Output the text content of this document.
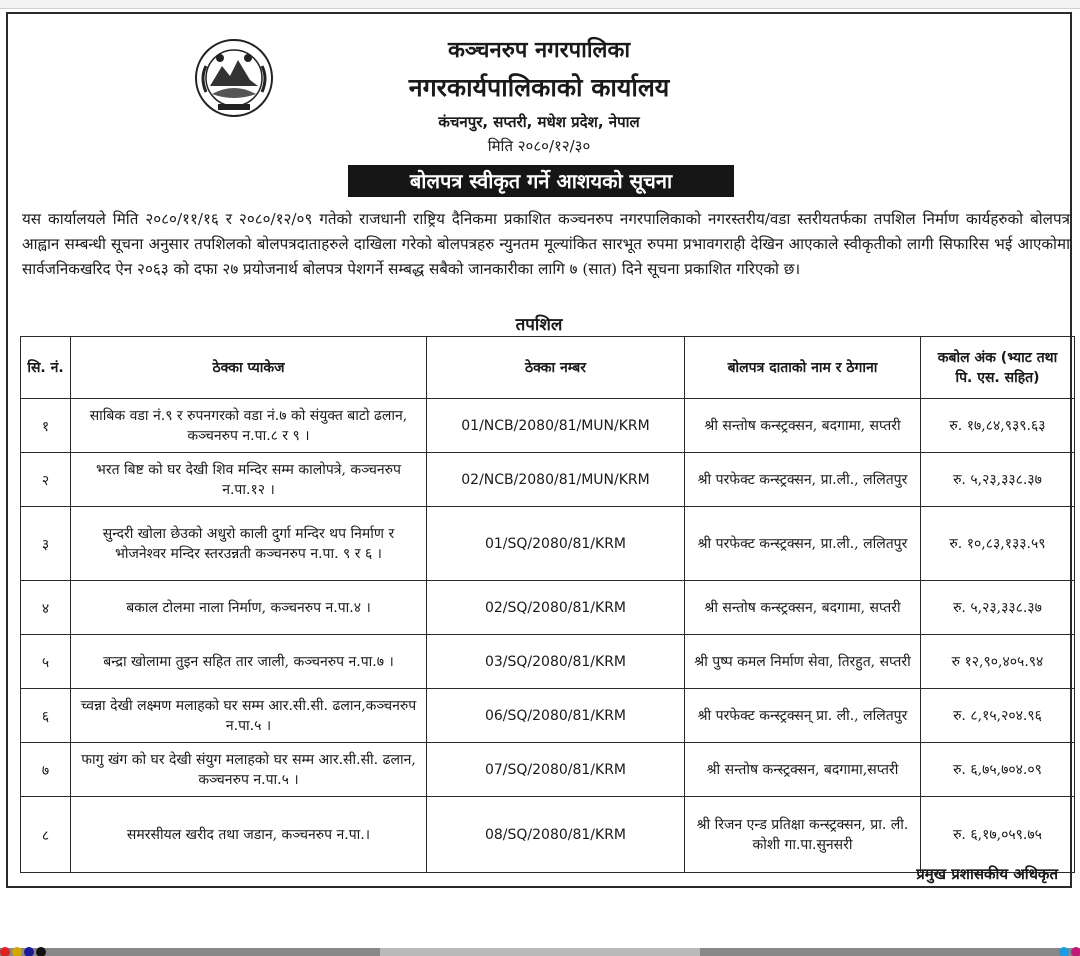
कञ्चनरुप नगरपालिका
नगरकार्यपालिकाको कार्यालय
कंचनपुर, सप्तरी, मधेश प्रदेश, नेपाल
मिति २०८०/१२/३०
बोलपत्र स्वीकृत गर्ने आशयको सूचना
यस कार्यालयले मिति २०८०/११/१६ र २०८०/१२/०९ गतेको राजधानी राष्ट्रिय दैनिकमा प्रकाशित कञ्चनरुप नगरपालिकाको नगरस्तरीय/वडा स्तरीयतर्फका तपशिल निर्माण कार्यहरुको बोलपत्र आह्वान सम्बन्धी सूचना अनुसार तपशिलको बोलपत्रदाताहरुले दाखिला गरेको बोलपत्रहरु न्युनतम मूल्यांकित सारभूत रुपमा प्रभावगराही देखिन आएकाले स्वीकृतीको लागी सिफारिस भई आएकोमा सार्वजनिकखरिद ऐन २०६३ को दफा २७ प्रयोजनार्थ बोलपत्र पेशगर्ने सम्बद्ध सबैको जानकारीका लागि ७ (सात) दिने सूचना प्रकाशित गरिएको छ।
तपशिल
सि. नं.	ठेक्का प्याकेज	ठेक्का नम्बर	बोलपत्र दाताको नाम र ठेगाना	कबोल अंक (भ्याट तथा पि. एस. सहित)
१	साबिक वडा नं.९ र रुपनगरको वडा नं.७ को संयुक्त बाटो ढलान, कञ्चनरुप न.पा.८ र ९ ।	01/NCB/2080/81/MUN/KRM	श्री सन्तोष कन्स्ट्रक्सन, बदगामा, सप्तरी	रु. १७,८४,९३९.६३
२	भरत बिष्ट को घर देखी शिव मन्दिर सम्म कालोपत्रे, कञ्चनरुप न.पा.१२ ।	02/NCB/2080/81/MUN/KRM	श्री परफेक्ट कन्स्ट्रक्सन, प्रा.ली., ललितपुर	रु. ५,२३,३३८.३७
३	सुन्दरी खोला छेउको अधुरो काली दुर्गा मन्दिर थप निर्माण र भोजनेश्वर मन्दिर स्तरउन्नती कञ्चनरुप न.पा. ९ र ६ ।	01/SQ/2080/81/KRM	श्री परफेक्ट कन्स्ट्रक्सन, प्रा.ली., ललितपुर	रु. १०,८३,१३३.५९
४	बकाल टोलमा नाला निर्माण, कञ्चनरुप न.पा.४ ।	02/SQ/2080/81/KRM	श्री सन्तोष कन्स्ट्रक्सन, बदगामा, सप्तरी	रु. ५,२३,३३८.३७
५	बन्द्रा खोलामा तुइन सहित तार जाली, कञ्चनरुप न.पा.७ ।	03/SQ/2080/81/KRM	श्री पुष्प कमल निर्माण सेवा, तिरहुत, सप्तरी	रु १२,९०,४०५.९४
६	च्वन्ना देखी लक्ष्मण मलाहको घर सम्म आर.सी.सी. ढलान,कञ्चनरुप न.पा.५ ।	06/SQ/2080/81/KRM	श्री परफेक्ट कन्स्ट्रक्सन् प्रा. ली., ललितपुर	रु. ८,१५,२०४.९६
७	फागु खंग को घर देखी संयुग मलाहको घर सम्म आर.सी.सी. ढलान, कञ्चनरुप न.पा.५ ।	07/SQ/2080/81/KRM	श्री सन्तोष कन्स्ट्रक्सन, बदगामा,सप्तरी	रु. ६,७५,७०४.०९
८	समरसीयल खरीद तथा जडान, कञ्चनरुप न.पा.।	08/SQ/2080/81/KRM	श्री रिजन एन्ड प्रतिक्षा कन्स्ट्रक्सन, प्रा. ली. कोशी गा.पा.सुनसरी	रु. ६,१७,०५९.७५
प्रमुख प्रशासकीय अधिकृत
